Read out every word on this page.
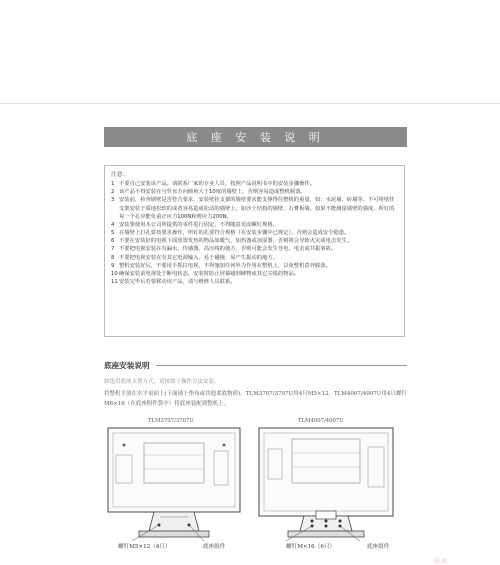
底 座 安 装 说 明
注意：
1 不要自己安装该产品。请联系厂家的专业人员，按照产品说明书中的安装步骤操作。
2 该产品不得安装在与竖直方向倾角大于10度的墙壁上，否则容易造成整机脱落。
3 安装前，检查墙壁是否符合要求，安装壁挂支架的墙壁要求能支撑得住整机的重量，如：水泥墙，砖墙等。不可将壁挂支架安装于质地松软的或者容易造成松动的墙壁上，如沙土结构的墙壁、石膏板墙。如果不能测量墙壁的强度，所钉的每一个孔应能负重正应力100N和剪应力200N。
4 安装要使用本公司所提供的零件进行固定，不得随意更改螺钉规格。
5 在墙壁上打孔要按要求操作，所钉的孔要符合规格（在安装步骤中已规定），否则会造成安全隐患。
6 不要在安装好的电视下面放置发热的物品如暖气、加热器或加湿器，否则将会导致火灾或电击发生。
7 不要把电视安装在有漏水、传感器、高压线的地方，否则可能会发生导电、电击或共振事故。
8 不要把电视安装在有其它电源输入、易于碰撞、易产生振动的地方。
9 整机安装好后，不要用手抓拉电视，不得施加任何外力作用在整机上，以免整机意外脱落。
10 确保安装前电视处于断电状态，安装时防止屏幕碰到硬物或其它尖锐的物品。
11 安装完毕后若要移动该产品，请与维修人员联系。
底座安装说明
如选用底座支撑方式，请按如下操作方法安装。
将整机平放在水平桌面上(下面铺上垫布或其他柔软物质)，TLM3707/3707U用4只M5×12，TLM4007/4007U用4只螺钉M6×16（在底座附件袋中）将底座装配到整机上。
TLM3707/3707U
螺钉M5×12（4只）	底座组件
TLM4007/4007U
螺钉M×16（6只）	底座组件
長 虹
